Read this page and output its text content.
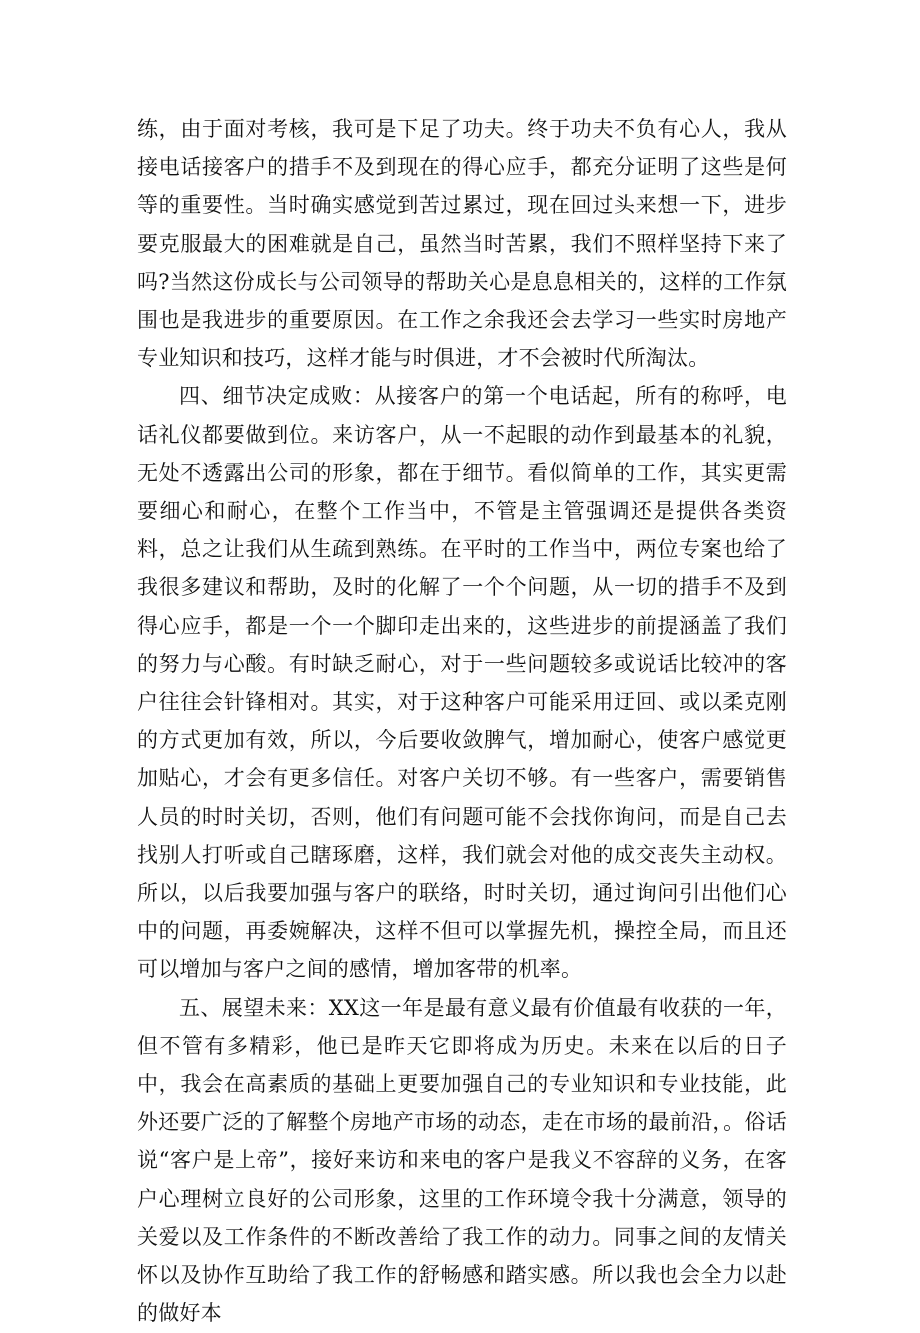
练，由于面对考核，我可是下足了功夫。终于功夫不负有心人，我从接电话接客户的措手不及到现在的得心应手，都充分证明了这些是何等的重要性。当时确实感觉到苦过累过，现在回过头来想一下，进步要克服最大的困难就是自己，虽然当时苦累，我们不照样坚持下来了吗?当然这份成长与公司领导的帮助关心是息息相关的，这样的工作氛围也是我进步的重要原因。在工作之余我还会去学习一些实时房地产专业知识和技巧，这样才能与时俱进，才不会被时代所淘汰。

四、细节决定成败：从接客户的第一个电话起，所有的称呼，电话礼仪都要做到位。来访客户，从一不起眼的动作到最基本的礼貌，无处不透露出公司的形象，都在于细节。看似简单的工作，其实更需要细心和耐心，在整个工作当中，不管是主管强调还是提供各类资料，总之让我们从生疏到熟练。在平时的工作当中，两位专案也给了我很多建议和帮助，及时的化解了一个个问题，从一切的措手不及到得心应手，都是一个一个脚印走出来的，这些进步的前提涵盖了我们的努力与心酸。有时缺乏耐心，对于一些问题较多或说话比较冲的客户往往会针锋相对。其实，对于这种客户可能采用迂回、或以柔克刚的方式更加有效，所以，今后要收敛脾气，增加耐心，使客户感觉更加贴心，才会有更多信任。对客户关切不够。有一些客户，需要销售人员的时时关切，否则，他们有问题可能不会找你询问，而是自己去找别人打听或自己瞎琢磨，这样，我们就会对他的成交丧失主动权。所以，以后我要加强与客户的联络，时时关切，通过询问引出他们心中的问题，再委婉解决，这样不但可以掌握先机，操控全局，而且还可以增加与客户之间的感情，增加客带的机率。

五、展望未来：XX这一年是最有意义最有价值最有收获的一年，但不管有多精彩，他已是昨天它即将成为历史。未来在以后的日子中，我会在高素质的基础上更要加强自己的专业知识和专业技能，此外还要广泛的了解整个房地产市场的动态，走在市场的最前沿，。俗话说“客户是上帝”，接好来访和来电的客户是我义不容辞的义务，在客户心理树立良好的公司形象，这里的工作环境令我十分满意，领导的关爱以及工作条件的不断改善给了我工作的动力。同事之间的友情关怀以及协作互助给了我工作的舒畅感和踏实感。所以我也会全力以赴的做好本
